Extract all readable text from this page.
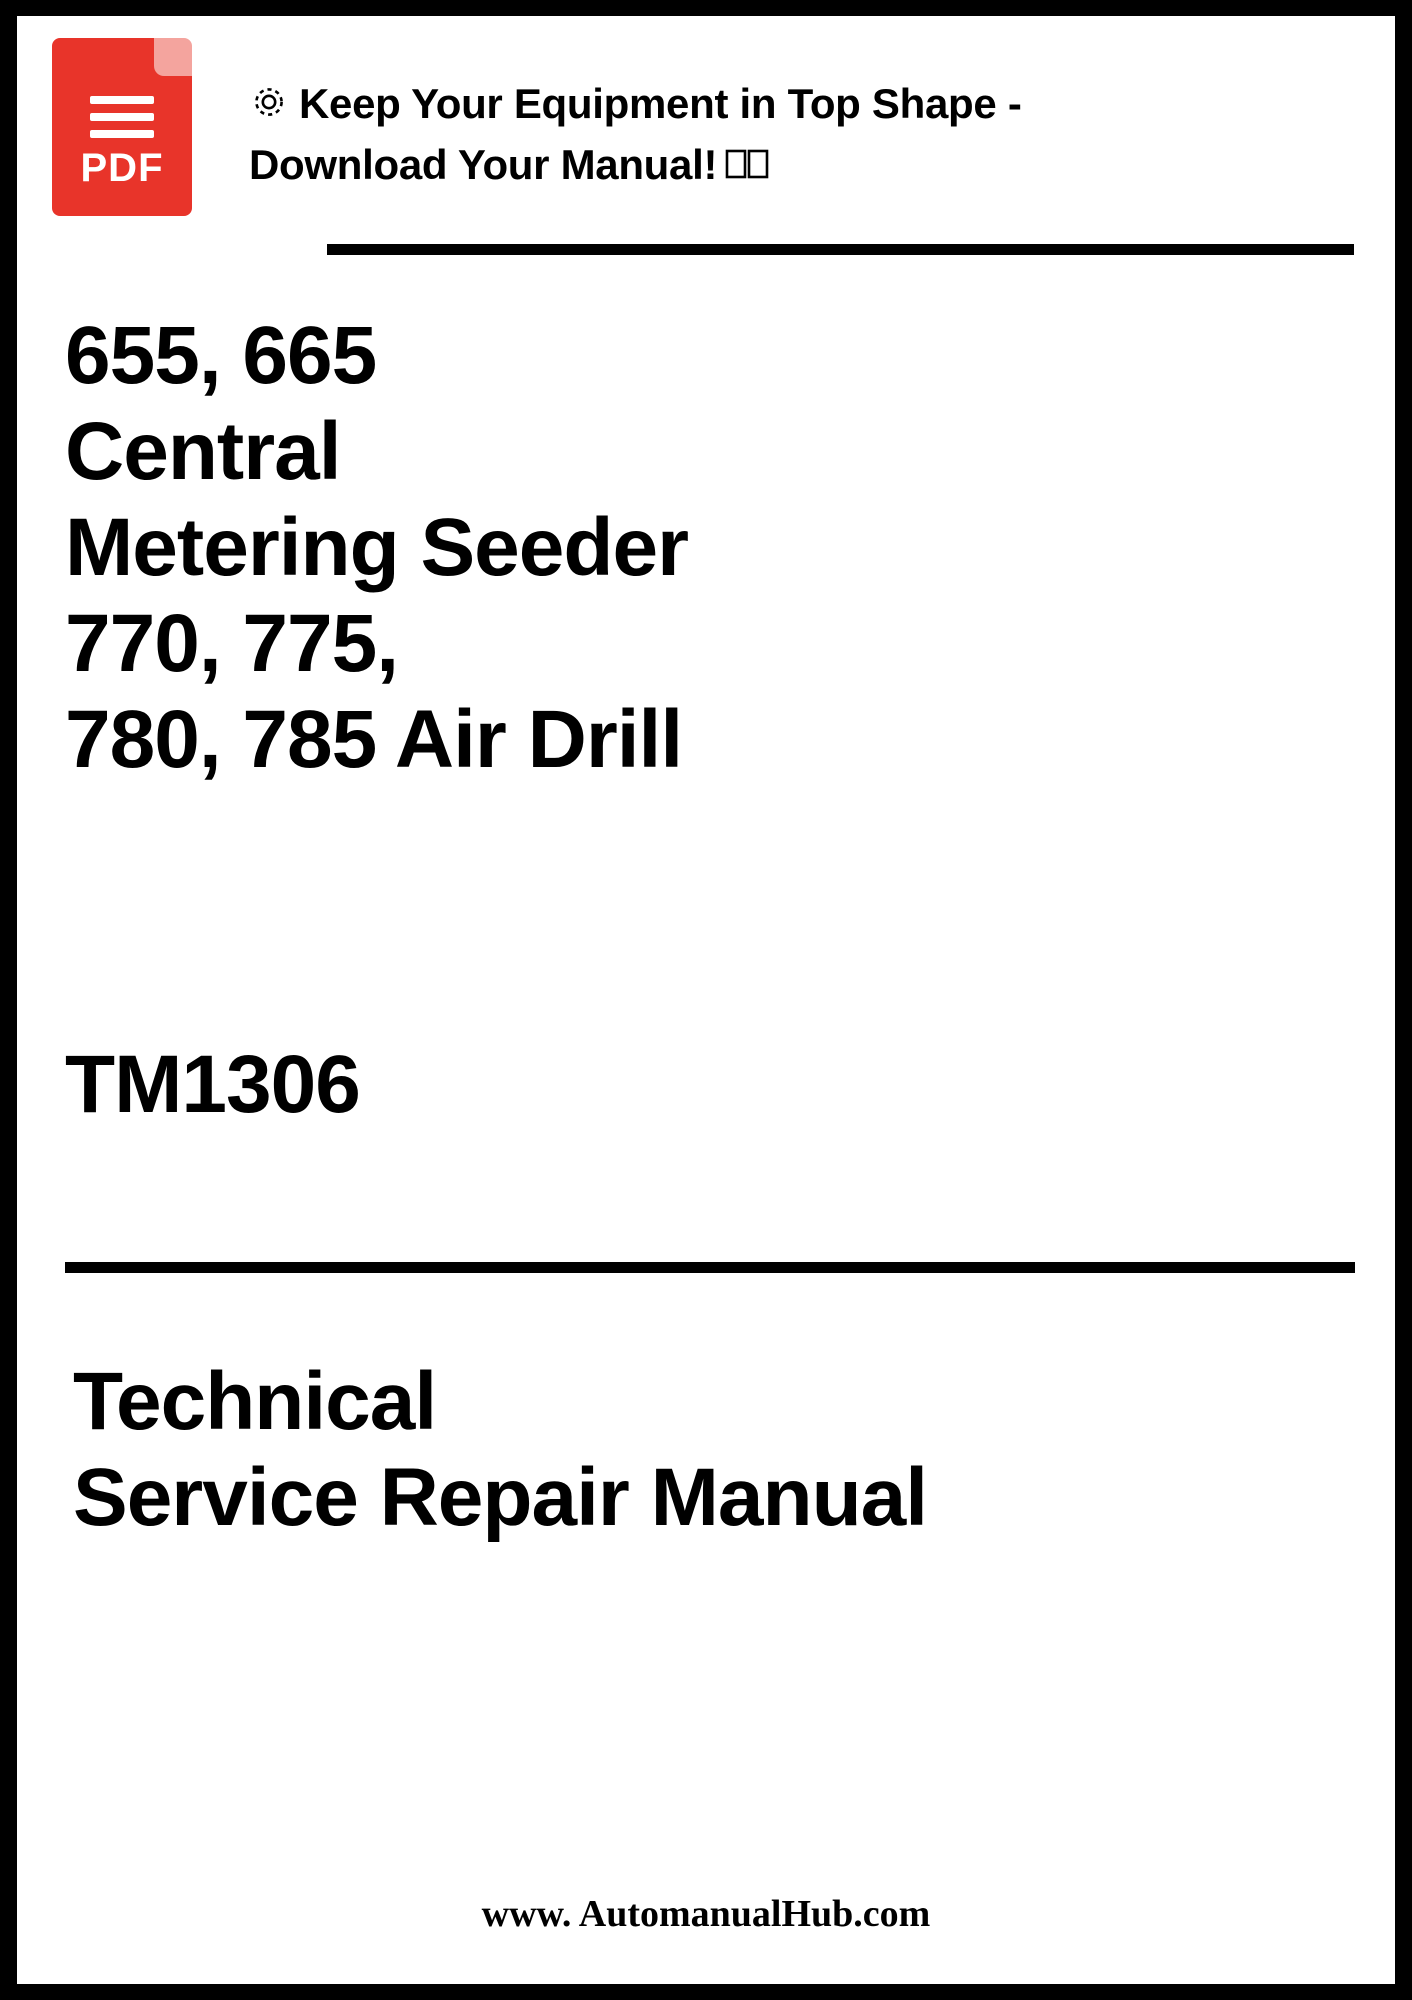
PDF
Keep Your Equipment in Top Shape -
Download Your Manual!
655, 665
Central
Metering Seeder
770, 775,
780, 785 Air Drill
TM1306
Technical
Service Repair Manual
www. AutomanualHub.com
